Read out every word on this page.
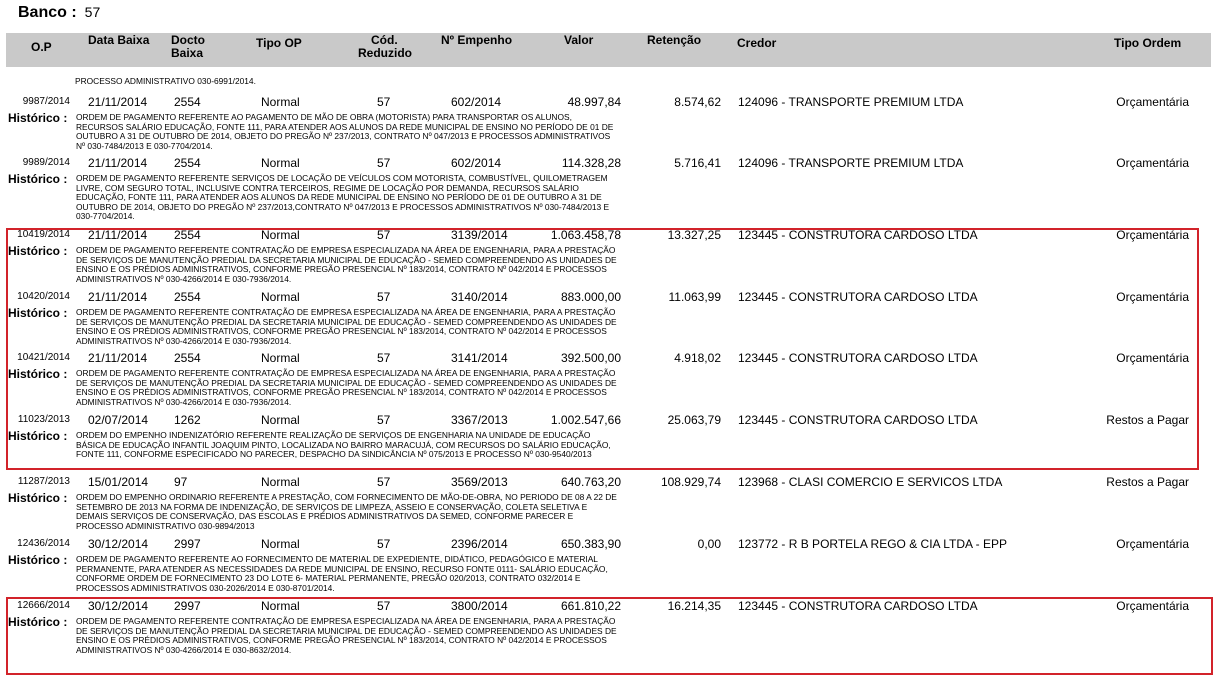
Banco : 57
O.P	Data Baixa Docto
Baixa
Tipo OP	Cód.
Reduzido
Nº Empenho	Valor	Retenção	Credor	Tipo Ordem
PROCESSO ADMINISTRATIVO 030-6991/2014.
9987/2014 21/11/2014 2554	Normal	57	602/2014	48.997,84	8.574,62 124096 - TRANSPORTE PREMIUM LTDA	Orçamentária
Histórico : ORDEM DE PAGAMENTO REFERENTE AO PAGAMENTO DE MÃO DE OBRA (MOTORISTA) PARA TRANSPORTAR OS ALUNOS, RECURSOS SALÁRIO EDUCAÇÃO, FONTE 111, PARA ATENDER AOS ALUNOS DA REDE MUNICIPAL DE ENSINO NO PERÍODO DE 01 DE OUTUBRO A 31 DE OUTUBRO DE 2014, OBJETO DO PREGÃO Nº 237/2013, CONTRATO Nº 047/2013 E PROCESSOS ADMINISTRATIVOS Nº 030-7484/2013 E 030-7704/2014.
9989/2014 21/11/2014 2554	Normal	57	602/2014	114.328,28	5.716,41 124096 - TRANSPORTE PREMIUM LTDA	Orçamentária
Histórico : ORDEM DE PAGAMENTO REFERENTE SERVIÇOS DE LOCAÇÃO DE VEÍCULOS COM MOTORISTA, COMBUSTÍVEL, QUILOMETRAGEM LIVRE, COM SEGURO TOTAL, INCLUSIVE CONTRA TERCEIROS, REGIME DE LOCAÇÃO POR DEMANDA, RECURSOS SALÁRIO EDUCAÇÃO, FONTE 111, PARA ATENDER AOS ALUNOS DA REDE MUNICIPAL DE ENSINO NO PERÍODO DE 01 DE OUTUBRO A 31 DE OUTUBRO DE 2014, OBJETO DO PREGÃO Nº 237/2013,CONTRATO Nº 047/2013 E PROCESSOS ADMINISTRATIVOS Nº 030-7484/2013 E 030-7704/2014.
10419/2014 21/11/2014 2554	Normal	57	3139/2014	1.063.458,78	13.327,25 123445 - CONSTRUTORA CARDOSO LTDA	Orçamentária
Histórico : ORDEM DE PAGAMENTO REFERENTE CONTRATAÇÃO DE EMPRESA ESPECIALIZADA NA ÁREA DE ENGENHARIA, PARA A PRESTAÇÃO DE SERVIÇOS DE MANUTENÇÃO PREDIAL DA SECRETARIA MUNICIPAL DE EDUCAÇÃO - SEMED COMPREENDENDO AS UNIDADES DE ENSINO E OS PRÉDIOS ADMINISTRATIVOS, CONFORME PREGÃO PRESENCIAL Nº 183/2014, CONTRATO Nº 042/2014 E PROCESSOS ADMINISTRATIVOS Nº 030-4266/2014 E 030-7936/2014.
10420/2014 21/11/2014 2554	Normal	57	3140/2014	883.000,00	11.063,99 123445 - CONSTRUTORA CARDOSO LTDA	Orçamentária
Histórico : ORDEM DE PAGAMENTO REFERENTE CONTRATAÇÃO DE EMPRESA ESPECIALIZADA NA ÁREA DE ENGENHARIA, PARA A PRESTAÇÃO DE SERVIÇOS DE MANUTENÇÃO PREDIAL DA SECRETARIA MUNICIPAL DE EDUCAÇÃO - SEMED COMPREENDENDO AS UNIDADES DE ENSINO E OS PRÉDIOS ADMINISTRATIVOS, CONFORME PREGÃO PRESENCIAL Nº 183/2014, CONTRATO Nº 042/2014 E PROCESSOS ADMINISTRATIVOS Nº 030-4266/2014 E 030-7936/2014.
10421/2014 21/11/2014 2554	Normal	57	3141/2014	392.500,00	4.918,02 123445 - CONSTRUTORA CARDOSO LTDA	Orçamentária
Histórico : ORDEM DE PAGAMENTO REFERENTE CONTRATAÇÃO DE EMPRESA ESPECIALIZADA NA ÁREA DE ENGENHARIA, PARA A PRESTAÇÃO DE SERVIÇOS DE MANUTENÇÃO PREDIAL DA SECRETARIA MUNICIPAL DE EDUCAÇÃO - SEMED COMPREENDENDO AS UNIDADES DE ENSINO E OS PRÉDIOS ADMINISTRATIVOS, CONFORME PREGÃO PRESENCIAL Nº 183/2014, CONTRATO Nº 042/2014 E PROCESSOS ADMINISTRATIVOS Nº 030-4266/2014 E 030-7936/2014.
11023/2013 02/07/2014 1262	Normal	57	3367/2013	1.002.547,66	25.063,79 123445 - CONSTRUTORA CARDOSO LTDA	Restos a Pagar
Histórico : ORDEM DO EMPENHO INDENIZATÓRIO REFERENTE REALIZAÇÃO DE SERVIÇOS DE ENGENHARIA NA UNIDADE DE EDUCAÇÃO BÁSICA DE EDUCAÇÃO INFANTIL JOAQUIM PINTO, LOCALIZADA NO BAIRRO MARACUJÁ, COM RECURSOS DO SALÁRIO EDUCAÇÃO, FONTE 111, CONFORME ESPECIFICADO NO PARECER, DESPACHO DA SINDICÂNCIA Nº 075/2013 E PROCESSO Nº 030-9540/2013
11287/2013 15/01/2014 97	Normal	57	3569/2013	640.763,20	108.929,74 123968 - CLASI COMERCIO E SERVICOS LTDA	Restos a Pagar
Histórico : ORDEM DO EMPENHO ORDINARIO REFERENTE A PRESTAÇÃO, COM FORNECIMENTO DE MÃO-DE-OBRA, NO PERIODO DE 08 A 22 DE SETEMBRO DE 2013 NA FORMA DE INDENIZAÇÃO, DE SERVIÇOS DE LIMPEZA, ASSEIO E CONSERVAÇÃO, COLETA SELETIVA E DEMAIS SERVIÇOS DE CONSERVAÇÃO, DAS ESCOLAS E PRÉDIOS ADMINISTRATIVOS DA SEMED, CONFORME PARECER E PROCESSO ADMINISTRATIVO 030-9894/2013
12436/2014 30/12/2014 2997	Normal	57	2396/2014	650.383,90	0,00 123772 - R B PORTELA REGO & CIA LTDA - EPP	Orçamentária
Histórico : ORDEM DE PAGAMENTO REFERENTE AO FORNECIMENTO DE MATERIAL DE EXPEDIENTE, DIDÁTICO, PEDAGÓGICO E MATERIAL PERMANENTE, PARA ATENDER AS NECESSIDADES DA REDE MUNICIPAL DE ENSINO, RECURSO FONTE 0111- SALÁRIO EDUCAÇÃO, CONFORME ORDEM DE FORNECIMENTO 23 DO LOTE 6- MATERIAL PERMANENTE, PREGÃO 020/2013, CONTRATO 032/2014 E PROCESSOS ADMINISTRATIVOS 030-2026/2014 E 030-8701/2014.
12666/2014 30/12/2014 2997	Normal	57	3800/2014	661.810,22	16.214,35 123445 - CONSTRUTORA CARDOSO LTDA	Orçamentária
Histórico : ORDEM DE PAGAMENTO REFERENTE CONTRATAÇÃO DE EMPRESA ESPECIALIZADA NA ÁREA DE ENGENHARIA, PARA A PRESTAÇÃO DE SERVIÇOS DE MANUTENÇÃO PREDIAL DA SECRETARIA MUNICIPAL DE EDUCAÇÃO - SEMED COMPREENDENDO AS UNIDADES DE ENSINO E OS PRÉDIOS ADMINISTRATIVOS, CONFORME PREGÃO PRESENCIAL Nº 183/2014, CONTRATO Nº 042/2014 E PROCESSOS ADMINISTRATIVOS Nº 030-4266/2014 E 030-8632/2014.
